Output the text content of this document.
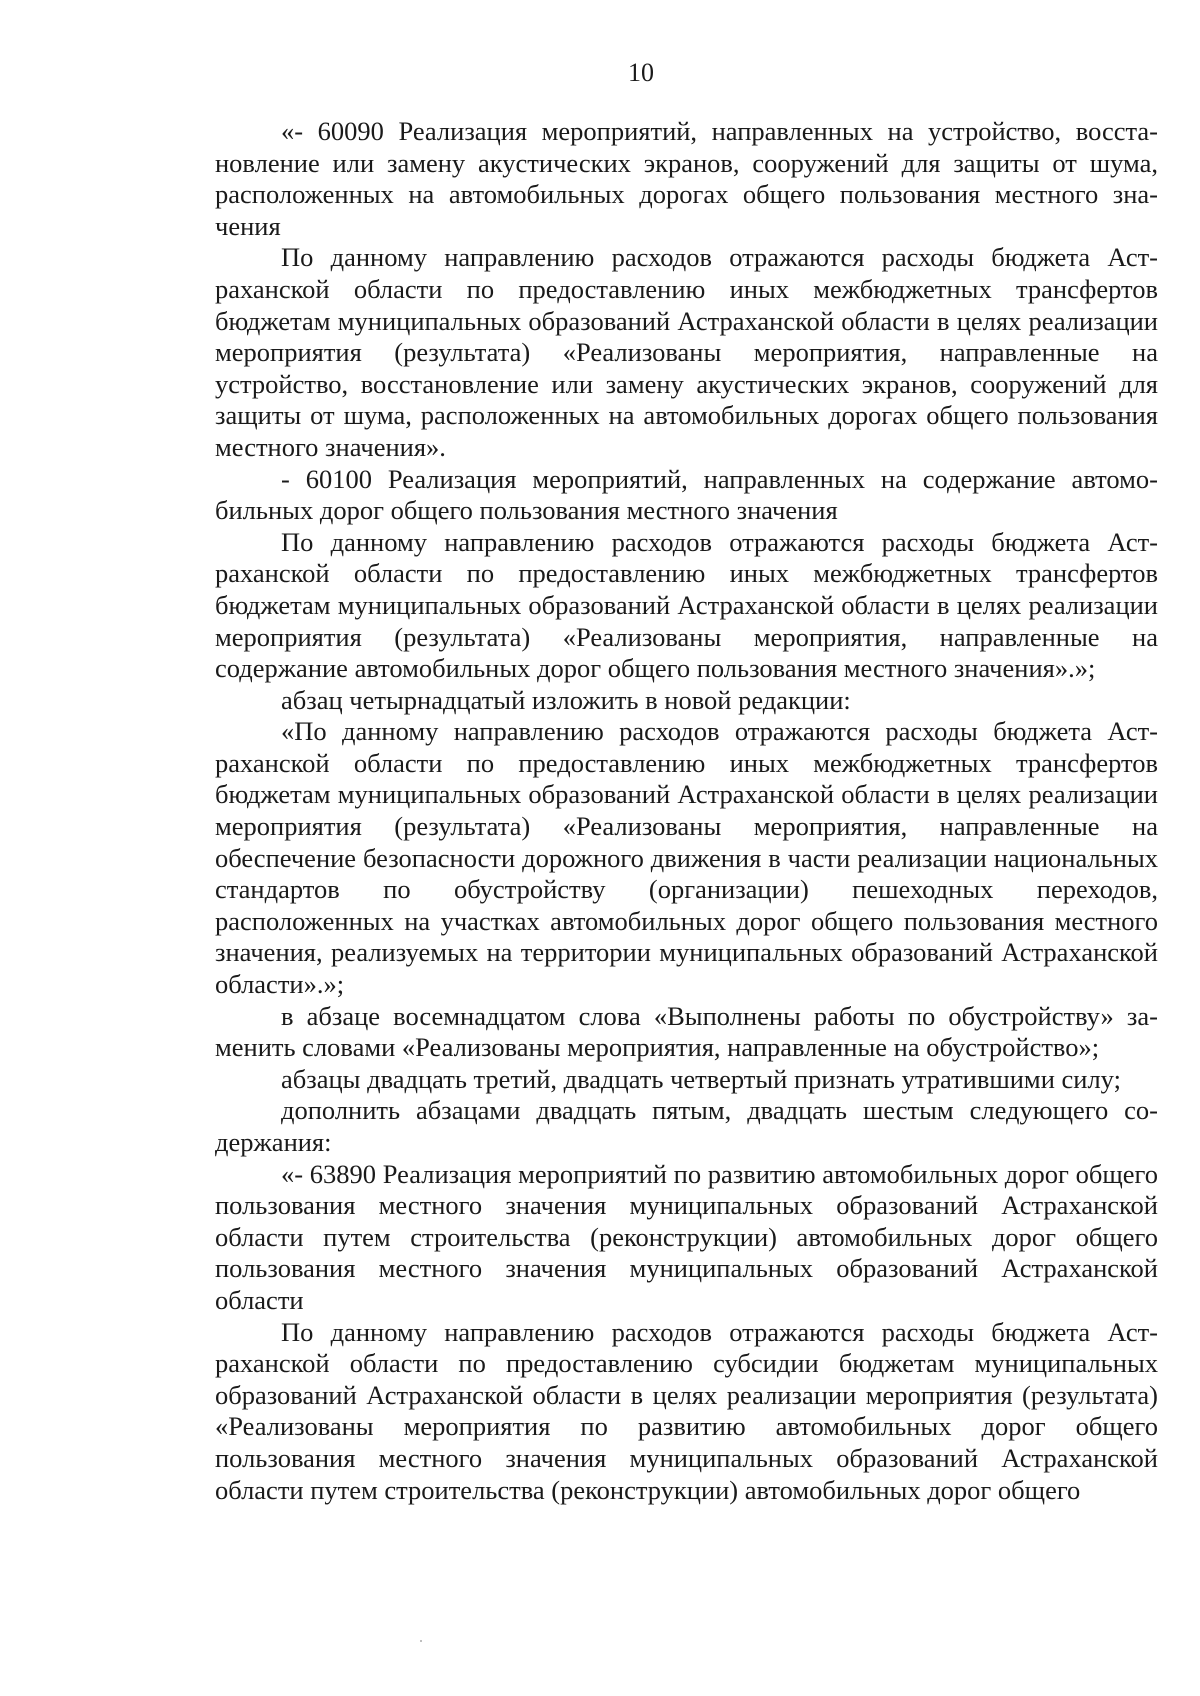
10

«- 60090 Реализация мероприятий, направленных на устройство, восстановление или замену акустических экранов, сооружений для защиты от шума, расположенных на автомобильных дорогах общего пользования местного значения

По данному направлению расходов отражаются расходы бюджета Астраханской области по предоставлению иных межбюджетных трансфертов бюджетам муниципальных образований Астраханской области в целях реализации мероприятия (результата) «Реализованы мероприятия, направленные на устройство, восстановление или замену акустических экранов, сооружений для защиты от шума, расположенных на автомобильных дорогах общего пользования местного значения».

- 60100 Реализация мероприятий, направленных на содержание автомобильных дорог общего пользования местного значения

По данному направлению расходов отражаются расходы бюджета Астраханской области по предоставлению иных межбюджетных трансфертов бюджетам муниципальных образований Астраханской области в целях реализации мероприятия (результата) «Реализованы мероприятия, направленные на содержание автомобильных дорог общего пользования местного значения».»;

абзац четырнадцатый изложить в новой редакции:

«По данному направлению расходов отражаются расходы бюджета Астраханской области по предоставлению иных межбюджетных трансфертов бюджетам муниципальных образований Астраханской области в целях реализации мероприятия (результата) «Реализованы мероприятия, направленные на обеспечение безопасности дорожного движения в части реализации национальных стандартов по обустройству (организации) пешеходных переходов, расположенных на участках автомобильных дорог общего пользования местного значения, реализуемых на территории муниципальных образований Астраханской области».»;

в абзаце восемнадцатом слова «Выполнены работы по обустройству» заменить словами «Реализованы мероприятия, направленные на обустройство»;

абзацы двадцать третий, двадцать четвертый признать утратившими силу;

дополнить абзацами двадцать пятым, двадцать шестым следующего содержания:

«- 63890 Реализация мероприятий по развитию автомобильных дорог общего пользования местного значения муниципальных образований Астраханской области путем строительства (реконструкции) автомобильных дорог общего пользования местного значения муниципальных образований Астраханской области

По данному направлению расходов отражаются расходы бюджета Астраханской области по предоставлению субсидии бюджетам муниципальных образований Астраханской области в целях реализации мероприятия (результата) «Реализованы мероприятия по развитию автомобильных дорог общего пользования местного значения муниципальных образований Астраханской области путем строительства (реконструкции) автомобильных дорог общего
